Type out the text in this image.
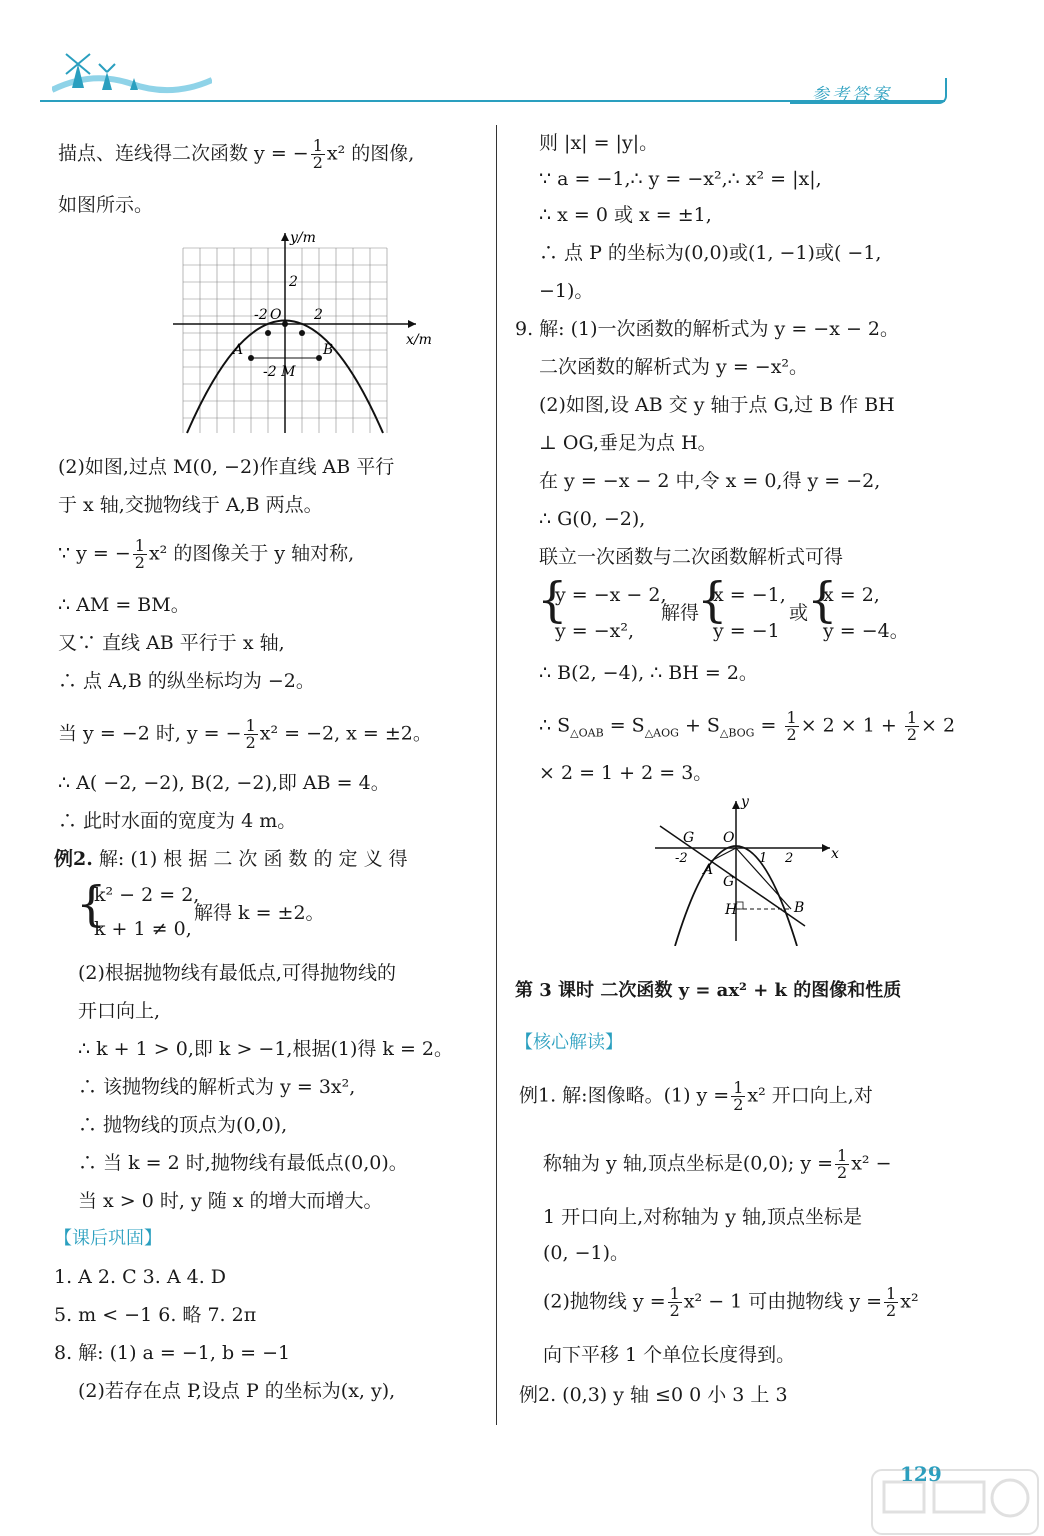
参考答案
描点、连线得二次函数 y = − $\frac{1}{2} x^2$ 的图像,
如图所示。
y/m
x/m
O
-2	2
2
A	B
-2 M
(2)如图,过点 M(0, −2)作直线 AB 平行
于 x 轴,交抛物线于 A,B 两点。
∵ y = − $\frac{1}{2} x^2$ 的图像关于 y 轴对称,
∴ AM = BM。
又∵ 直线 AB 平行于 x 轴,
∴ 点 A,B 的纵坐标均为 −2。
当 y = −2 时, y = − $\frac{1}{2} x^2 = -2$, x = ±2。
∴ A( −2, −2), B(2, −2),即 AB = 4。
∴ 此时水面的宽度为 4 m。
例2. 解: (1) 根 据 二 次 函 数 的 定 义 得
{
k² − 2 = 2,
k + 1 ≠ 0,
解得 k = ±2。
(2)根据抛物线有最低点,可得抛物线的
开口向上,
∴ k + 1 > 0,即 k > −1,根据(1)得 k = 2。
∴ 该抛物线的解析式为 y = 3x²,
∴ 抛物线的顶点为(0,0),
∴ 当 k = 2 时,抛物线有最低点(0,0)。
当 x > 0 时, y 随 x 的增大而增大。
【课后巩固】
1. A 2. C 3. A 4. D
5. m < −1 6. 略 7. 2π
8. 解: (1) a = −1, b = −1
(2)若存在点 P,设点 P 的坐标为(x, y),
则 |x| = |y|。
∵ a = −1,∴ y = −x²,∴ x² = |x|,
∴ x = 0 或 x = ±1,
∴ 点 P 的坐标为(0,0)或(1, −1)或( −1,
−1)。
9. 解: (1)一次函数的解析式为 y = −x − 2。
二次函数的解析式为 y = −x²。
(2)如图,设 AB 交 y 轴于点 G,过 B 作 BH
⊥ OG,垂足为点 H。
在 y = −x − 2 中,令 x = 0,得 y = −2,
∴ G(0, −2),
联立一次函数与二次函数解析式可得
{
y = −x − 2,
y = −x²,
解得
{
x = −1,
y = −1
或
{
x = 2,
y = −4。
∴ B(2, −4), ∴ BH = 2。
∴ $S_{\triangle OAB} = S_{\triangle AOG} + S_{\triangle BOG} = \frac{1}{2} \times 2 \times 1 + \frac{1}{2} \times 2$
× 2 = 1 + 2 = 3。
y
x
O
G
G
A
B
H
-2	1 2
第 3 课时 二次函数 y = ax² + k 的图像和性质
【核心解读】
例1. 解:图像略。(1) $y = \frac{1}{2} x^2$ 开口向上,对
称轴为 y 轴,顶点坐标是(0,0); $y = \frac{1}{2} x^2$ −
1 开口向上,对称轴为 y 轴,顶点坐标是
(0, −1)。
(2)抛物线 $y = \frac{1}{2} x^2 - 1$ 可由抛物线 $y = \frac{1}{2} x^2$
向下平移 1 个单位长度得到。
例2. (0,3) y 轴 ≤0 0 小 3 上 3
129
